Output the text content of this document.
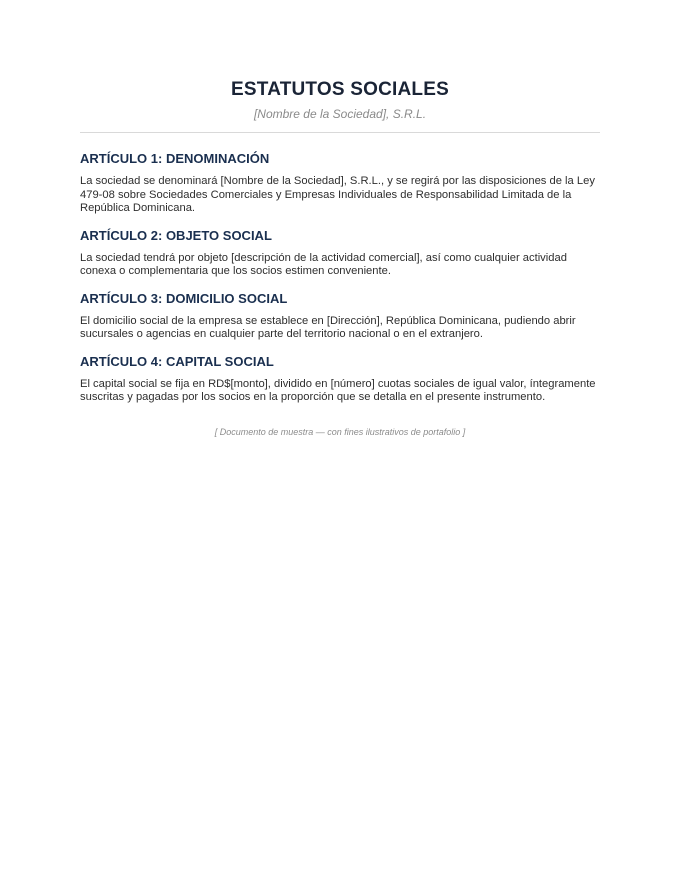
ESTATUTOS SOCIALES

[Nombre de la Sociedad], S.R.L.

ARTÍCULO 1: DENOMINACIÓN

La sociedad se denominará [Nombre de la Sociedad], S.R.L., y se regirá por las disposiciones de la Ley 479-08 sobre Sociedades Comerciales y Empresas Individuales de Responsabilidad Limitada de la República Dominicana.

ARTÍCULO 2: OBJETO SOCIAL

La sociedad tendrá por objeto [descripción de la actividad comercial], así como cualquier actividad conexa o complementaria que los socios estimen conveniente.

ARTÍCULO 3: DOMICILIO SOCIAL

El domicilio social de la empresa se establece en [Dirección], República Dominicana, pudiendo abrir sucursales o agencias en cualquier parte del territorio nacional o en el extranjero.

ARTÍCULO 4: CAPITAL SOCIAL

El capital social se fija en RD$[monto], dividido en [número] cuotas sociales de igual valor, íntegramente suscritas y pagadas por los socios en la proporción que se detalla en el presente instrumento.

[ Documento de muestra — con fines ilustrativos de portafolio ]
